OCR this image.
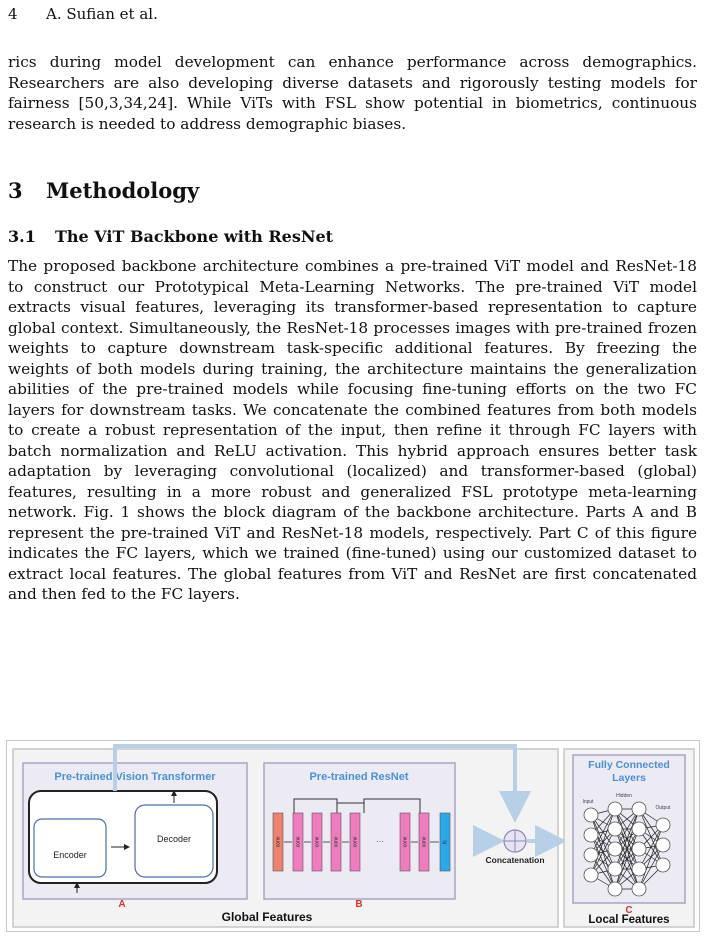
4 A. Sufian et al.

rics during model development can enhance performance across demographics. Researchers are also developing diverse datasets and rigorously testing models for fairness [50,3,34,24]. While ViTs with FSL show potential in biometrics, continuous research is needed to address demographic biases.

3 Methodology
3.1 The ViT Backbone with ResNet

The proposed backbone architecture combines a pre-trained ViT model and ResNet-18 to construct our Prototypical Meta-Learning Networks. The pre-trained ViT model extracts visual features, leveraging its transformer-based representation to capture global context. Simultaneously, the ResNet-18 processes images with pre-trained frozen weights to capture downstream task-specific additional features. By freezing the weights of both models during training, the architecture maintains the generalization abilities of the pre-trained models while focusing fine-tuning efforts on the two FC layers for downstream tasks. We concatenate the combined features from both models to create a robust representation of the input, then refine it through FC layers with batch normalization and ReLU activation. This hybrid approach ensures better task adaptation by leveraging convolutional (localized) and transformer-based (global) features, resulting in a more robust and generalized FSL prototype meta-learning network. Fig. 1 shows the block diagram of the backbone architecture. Parts A and B represent the pre-trained ViT and ResNet-18 models, respectively. Part C of this figure indicates the FC layers, which we trained (fine-tuned) using our customized dataset to extract local features. The global features from ViT and ResNet are first concatenated and then fed to the FC layers.

Pre-trained Vision Transformer
Encoder
Decoder
A
Pre-trained ResNet
conv	conv	conv	conv	conv	conv	conv	fc
···
B
Global Features
Concatenation
Fully Connected
Layers
Input
Hidden
Output
C
Local Features
